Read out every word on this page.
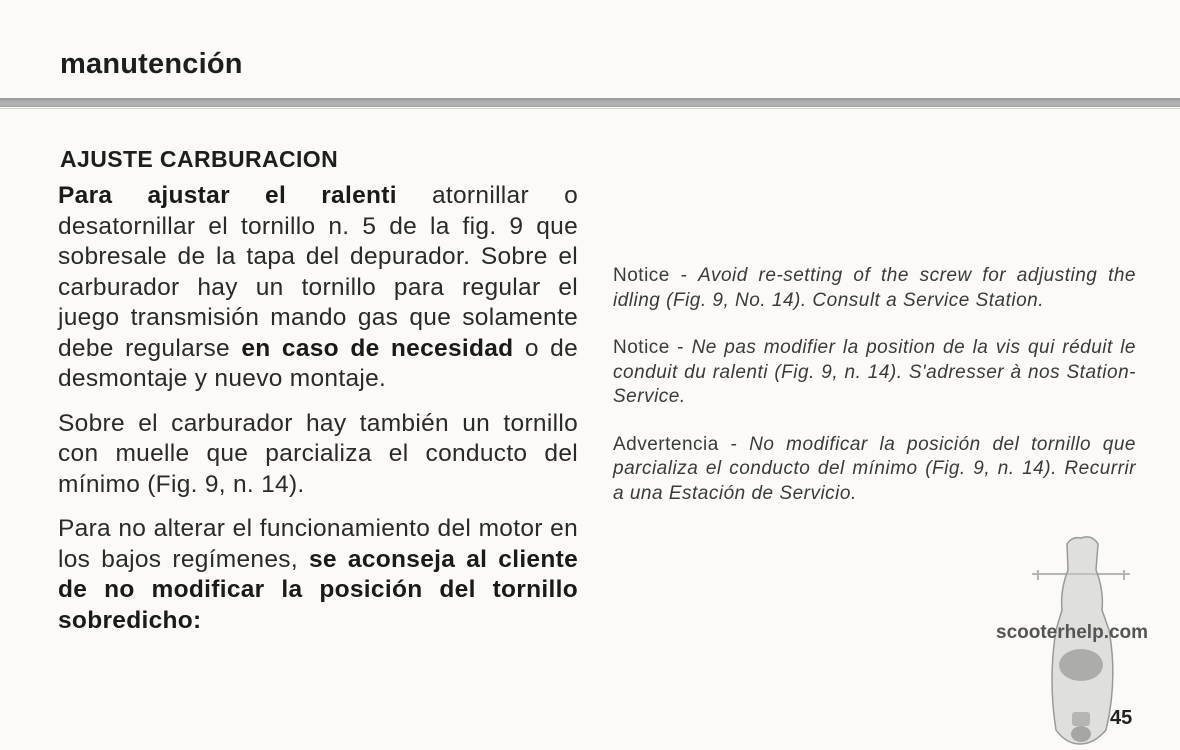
manutención
AJUSTE CARBURACION

Para ajustar el ralenti atornillar o desatornillar el tornillo n. 5 de la fig. 9 que sobresale de la tapa del depurador. Sobre el carburador hay un tornillo para regular el juego transmisión mando gas que solamente debe regularse en caso de necesidad o de desmontaje y nuevo montaje.

Sobre el carburador hay también un tornillo con muelle que parcializa el conducto del mínimo (Fig. 9, n. 14).

Para no alterar el funcionamiento del motor en los bajos regímenes, se aconseja al cliente de no modificar la posición del tornillo sobredicho:

Notice - Avoid re-setting of the screw for adjusting the idling (Fig. 9, No. 14). Consult a Service Station.

Notice - Ne pas modifier la position de la vis qui réduit le conduit du ralenti (Fig. 9, n. 14). S'adresser à nos Station-Service.

Advertencia - No modificar la posición del tornillo que parcializa el conducto del mínimo (Fig. 9, n. 14). Recurrir a una Estación de Servicio.

scooterhelp.com

45
